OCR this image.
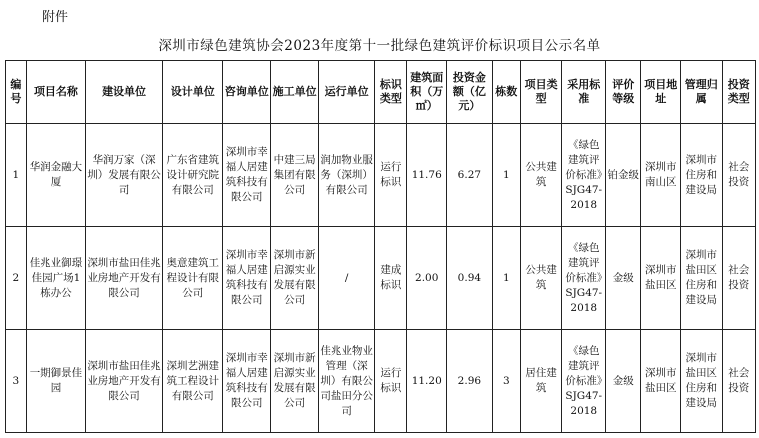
附件
深圳市绿色建筑协会2023年度第十一批绿色建筑评价标识项目公示名单
编号	项目名称	建设单位	设计单位	咨询单位	施工单位	运行单位	标识类型	建筑面积（万㎡）	投资金额（亿元）	栋数	项目类型	采用标准	评价等级	项目地址	管理归属	投资类型
1	华润金融大厦	华润万家（深圳）发展有限公司	广东省建筑设计研究院有限公司	深圳市幸福人居建筑科技有限公司	中建三局集团有限公司	润加物业服务（深圳）有限公司	运行标识	11.76	6.27	1	公共建筑	《绿色建筑评价标准》SJG47-2018	铂金级	深圳市南山区	深圳市住房和建设局	社会投资
2	佳兆业御璟佳园广场1栋办公	深圳市盐田佳兆业房地产开发有限公司	奥意建筑工程设计有限公司	深圳市幸福人居建筑科技有限公司	深圳市新启源实业发展有限公司	/	建成标识	2.00	0.94	1	公共建筑	《绿色建筑评价标准》SJG47-2018	金级	深圳市盐田区	深圳市盐田区住房和建设局	社会投资
3	一期御景佳园	深圳市盐田佳兆业房地产开发有限公司	深圳艺洲建筑工程设计有限公司	深圳市幸福人居建筑科技有限公司	深圳市新启源实业发展有限公司	佳兆业物业管理（深圳）有限公司盐田分公司	运行标识	11.20	2.96	3	居住建筑	《绿色建筑评价标准》SJG47-2018	金级	深圳市盐田区	深圳市盐田区住房和建设局	社会投资
